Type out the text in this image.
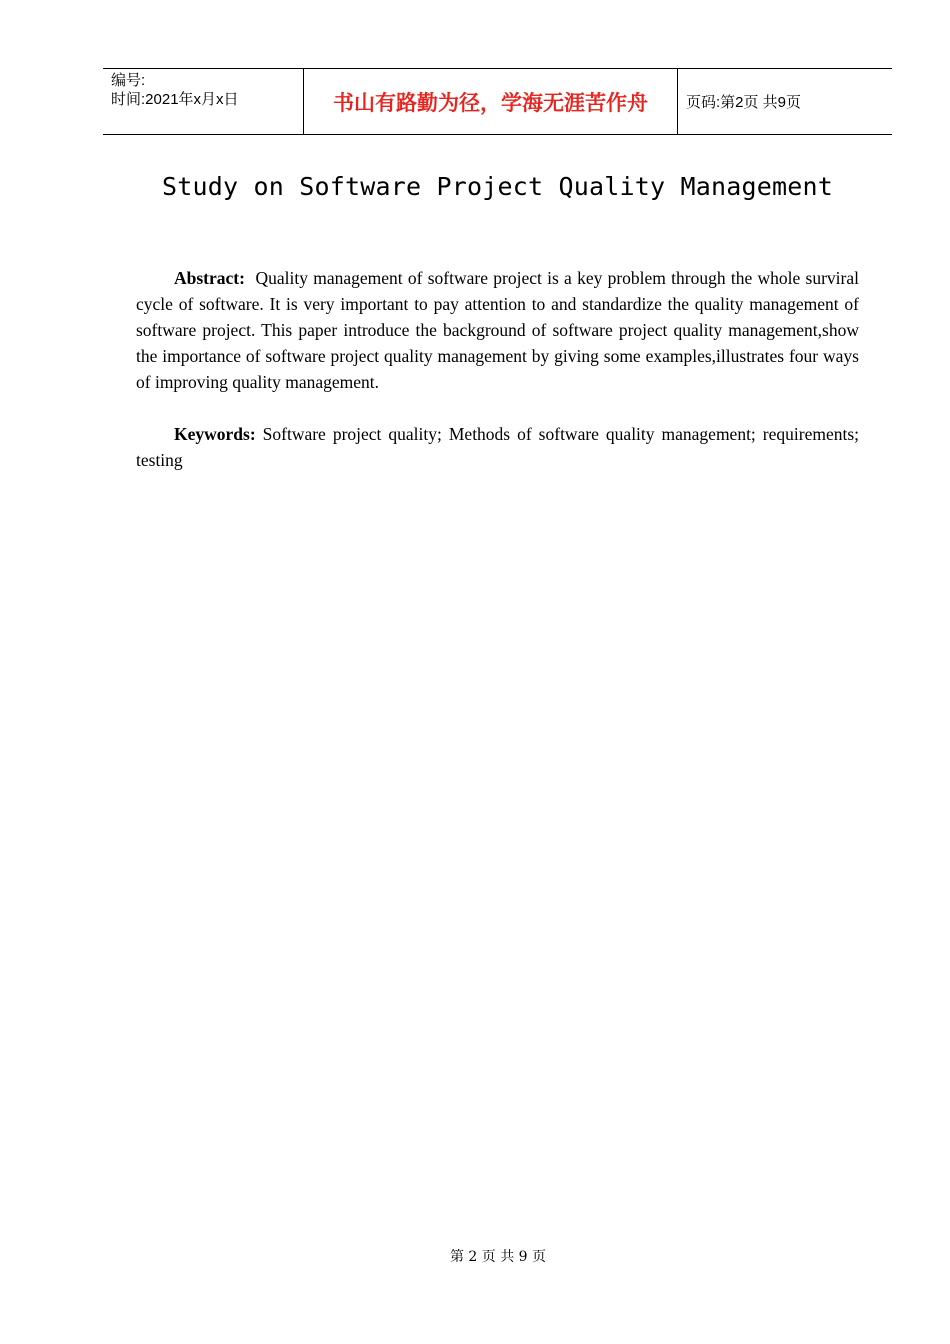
编号:
时间:2021年x月x日	书山有路勤为径，学海无涯苦作舟	页码:第2页 共9页
Study on Software Project Quality Management

Abstract: Quality management of software project is a key problem through the whole surviral cycle of software. It is very important to pay attention to and standardize the quality management of software project. This paper introduce the background of software project quality management,show the importance of software project quality management by giving some examples,illustrates four ways of improving quality management.

Keywords: Software project quality; Methods of software quality management; requirements; testing

第 2 页 共 9 页
